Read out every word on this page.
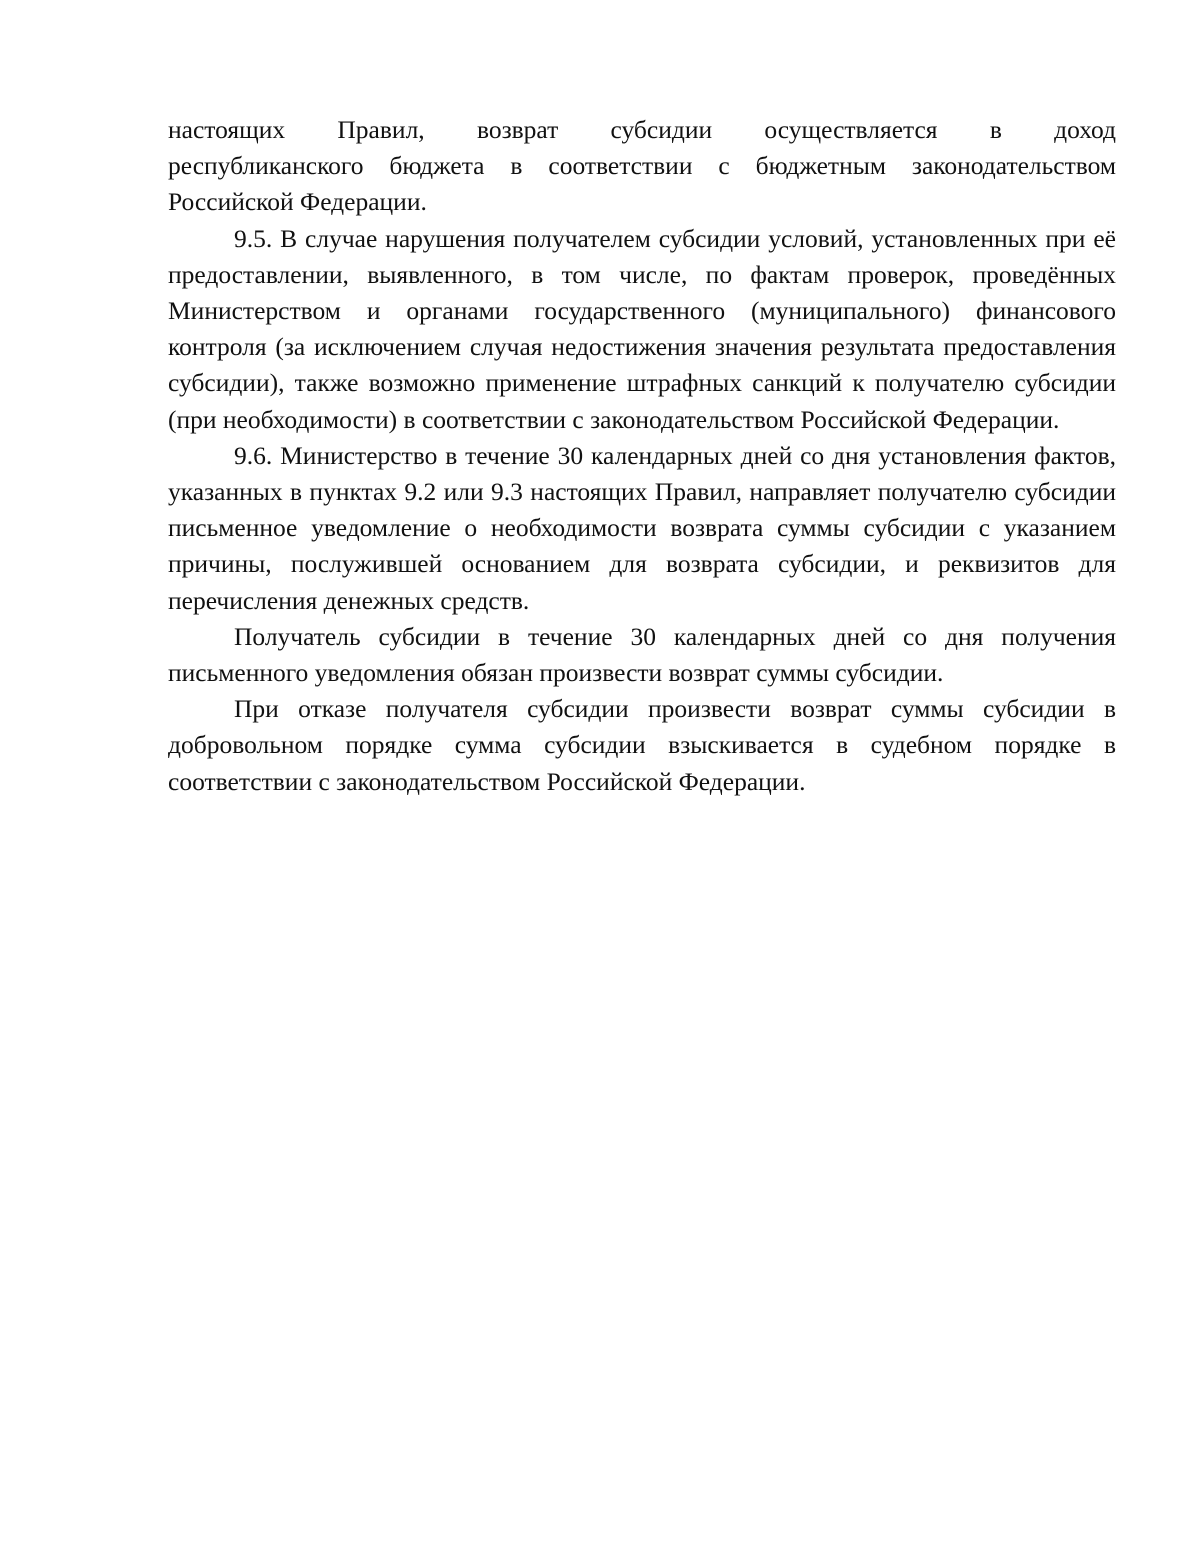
настоящих Правил, возврат субсидии осуществляется в доход
республиканского бюджета в соответствии с бюджетным законодательством Российской Федерации.

9.5. В случае нарушения получателем субсидии условий, установленных при её предоставлении, выявленного, в том числе, по фактам проверок, проведённых Министерством и органами государственного (муниципального) финансового контроля (за исключением случая недостижения значения результата предоставления субсидии), также возможно применение штрафных санкций к получателю субсидии (при необходимости) в соответствии с законодательством Российской Федерации.

9.6. Министерство в течение 30 календарных дней со дня установления фактов, указанных в пунктах 9.2 или 9.3 настоящих Правил, направляет получателю субсидии письменное уведомление о необходимости возврата суммы субсидии с указанием причины, послужившей основанием для возврата субсидии, и реквизитов для перечисления денежных средств.

Получатель субсидии в течение 30 календарных дней со дня получения письменного уведомления обязан произвести возврат суммы субсидии.

При отказе получателя субсидии произвести возврат суммы субсидии в добровольном порядке сумма субсидии взыскивается в судебном порядке в соответствии с законодательством Российской Федерации.
